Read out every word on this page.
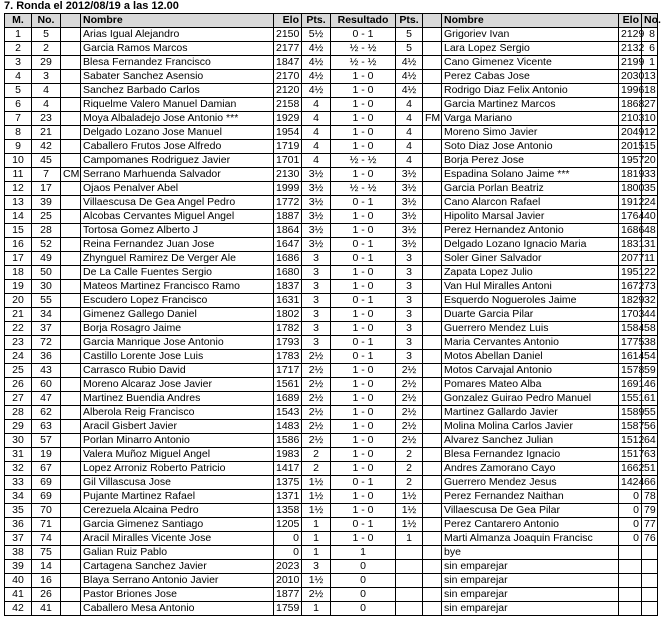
7. Ronda el 2012/08/19 a las 12.00
M.	No.		Nombre	Elo	Pts.	Resultado	Pts.		Nombre	Elo	No.
1	5		Arias Igual Alejandro	2150	5½	0 - 1	5		Grigoriev Ivan	2129	8
2	2		Garcia Ramos Marcos	2177	4½	½ - ½	5		Lara Lopez Sergio	2132	6
3	29		Blesa Fernandez Francisco	1847	4½	½ - ½	4½		Cano Gimenez Vicente	2199	1
4	3		Sabater Sanchez Asensio	2170	4½	1 - 0	4½		Perez Cabas Jose	2030	13
5	4		Sanchez Barbado Carlos	2120	4½	1 - 0	4½		Rodrigo Diaz Felix Antonio	1996	18
6	4		Riquelme Valero Manuel Damian	2158	4	1 - 0	4		Garcia Martinez Marcos	1868	27
7	23		Moya Albaladejo Jose Antonio ***	1929	4	1 - 0	4	FM	Varga Mariano	2103	10
8	21		Delgado Lozano Jose Manuel	1954	4	1 - 0	4		Moreno Simo Javier	2049	12
9	42		Caballero Frutos Jose Alfredo	1719	4	1 - 0	4		Soto Diaz Jose Antonio	2015	15
10	45		Campomanes Rodriguez Javier	1701	4	½ - ½	4		Borja Perez Jose	1957	20
11	7	CM	Serrano Marhuenda Salvador	2130	3½	1 - 0	3½		Espadina Solano Jaime ***	1819	33
12	17		Ojaos Penalver Abel	1999	3½	½ - ½	3½		Garcia Porlan Beatriz	1800	35
13	39		Villaescusa De Gea Angel Pedro	1772	3½	0 - 1	3½		Cano Alarcon Rafael	1912	24
14	25		Alcobas Cervantes Miguel Angel	1887	3½	1 - 0	3½		Hipolito Marsal Javier	1764	40
15	28		Tortosa Gomez Alberto J	1864	3½	1 - 0	3½		Perez Hernandez Antonio	1686	48
16	52		Reina Fernandez Juan Jose	1647	3½	0 - 1	3½		Delgado Lozano Ignacio Maria	1831	31
17	49		Zhynguel Ramirez De Verger Ale	1686	3	0 - 1	3		Soler Giner Salvador	2077	11
18	50		De La Calle Fuentes Sergio	1680	3	1 - 0	3		Zapata Lopez Julio	1951	22
19	30		Mateos Martinez Francisco Ramo	1837	3	1 - 0	3		Van Hul Miralles Antoni	1672	73
20	55		Escudero Lopez Francisco	1631	3	0 - 1	3		Esquerdo Nogueroles Jaime	1829	32
21	34		Gimenez Gallego Daniel	1802	3	1 - 0	3		Duarte Garcia Pilar	1703	44
22	37		Borja Rosagro Jaime	1782	3	1 - 0	3		Guerrero Mendez Luis	1584	58
23	72		Garcia Manrique Jose Antonio	1793	3	0 - 1	3		Maria Cervantes Antonio	1775	38
24	36		Castillo Lorente Jose Luis	1783	2½	0 - 1	3		Motos Abellan Daniel	1614	54
25	43		Carrasco Rubio David	1717	2½	1 - 0	2½		Motos Carvajal Antonio	1578	59
26	60		Moreno Alcaraz Jose Javier	1561	2½	1 - 0	2½		Pomares Mateo Alba	1691	46
27	47		Martinez Buendia Andres	1689	2½	1 - 0	2½		Gonzalez Guirao Pedro Manuel	1551	61
28	62		Alberola Reig Francisco	1543	2½	1 - 0	2½		Martinez Gallardo Javier	1589	55
29	63		Aracil Gisbert Javier	1483	2½	1 - 0	2½		Molina Molina Carlos Javier	1587	56
30	57		Porlan Minarro Antonio	1586	2½	1 - 0	2½		Alvarez Sanchez Julian	1512	64
31	19		Valera Muñoz Miguel Angel	1983	2	1 - 0	2		Blesa Fernandez Ignacio	1517	63
32	67		Lopez Arroniz Roberto Patricio	1417	2	1 - 0	2		Andres Zamorano Cayo	1662	51
33	69		Gil Villascusa Jose	1375	1½	0 - 1	2		Guerrero Mendez Jesus	1424	66
34	69		Pujante Martinez Rafael	1371	1½	1 - 0	1½		Perez Fernandez Naithan	0	78
35	70		Cerezuela Alcaina Pedro	1358	1½	1 - 0	1½		Villaescusa De Gea Pilar	0	79
36	71		Garcia Gimenez Santiago	1205	1	0 - 1	1½		Perez Cantarero Antonio	0	77
37	74		Aracil Miralles Vicente Jose	0	1	1 - 0	1		Marti Almanza Joaquin Francisc	0	76
38	75		Galian Ruiz Pablo	0	1	1			bye		
39	14		Cartagena Sanchez Javier	2023	3	0			sin emparejar		
40	16		Blaya Serrano Antonio Javier	2010	1½	0			sin emparejar		
41	26		Pastor Briones Jose	1877	2½	0			sin emparejar		
42	41		Caballero Mesa Antonio	1759	1	0			sin emparejar		
